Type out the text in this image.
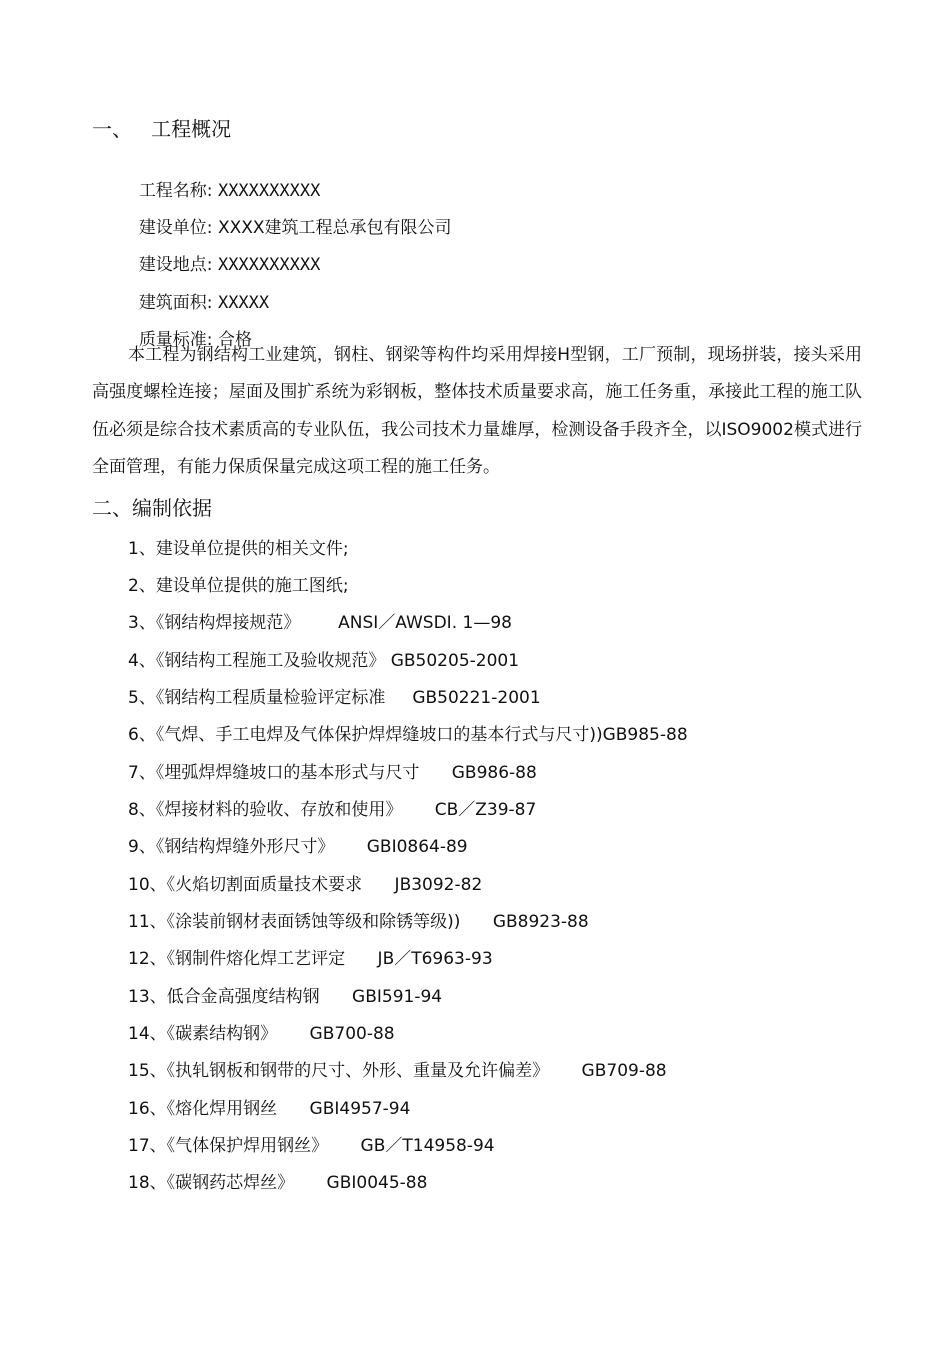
一、   工程概况

工程名称: XXXXXXXXXX

建设单位: XXXX建筑工程总承包有限公司

建设地点: XXXXXXXXXX

建筑面积: XXXXX

质量标准: 合格

本工程为钢结构工业建筑，钢柱、钢梁等构件均采用焊接H型钢，工厂预制，现场拼装，接头采用高强度螺栓连接；屋面及围扩系统为彩钢板，整体技术质量要求高，施工任务重，承接此工程的施工队伍必须是综合技术素质高的专业队伍，我公司技术力量雄厚，检测设备手段齐全，以ISO9002模式进行全面管理，有能力保质保量完成这项工程的施工任务。
二、编制依据
1、建设单位提供的相关文件;
2、建设单位提供的施工图纸;
3、《钢结构焊接规范》       ANSI／AWSDI. 1—98
4、《钢结构工程施工及验收规范》 GB50205-2001
5、《钢结构工程质量检验评定标准     GB50221-2001
6、《气焊、手工电焊及气体保护焊焊缝坡口的基本行式与尺寸))GB985-88
7、《埋弧焊焊缝坡口的基本形式与尺寸      GB986-88
8、《焊接材料的验收、存放和使用》      CB／Z39-87
9、《钢结构焊缝外形尺寸》      GBI0864-89
10、《火焰切割面质量技术要求      JB3092-82
11、《涂装前钢材表面锈蚀等级和除锈等级))      GB8923-88
12、《钢制件熔化焊工艺评定      JB／T6963-93
13、低合金高强度结构钢      GBI591-94
14、《碳素结构钢》      GB700-88
15、《执轧钢板和钢带的尺寸、外形、重量及允许偏差》      GB709-88
16、《熔化焊用钢丝      GBI4957-94
17、《气体保护焊用钢丝》      GB／T14958-94
18、《碳钢药芯焊丝》      GBI0045-88
